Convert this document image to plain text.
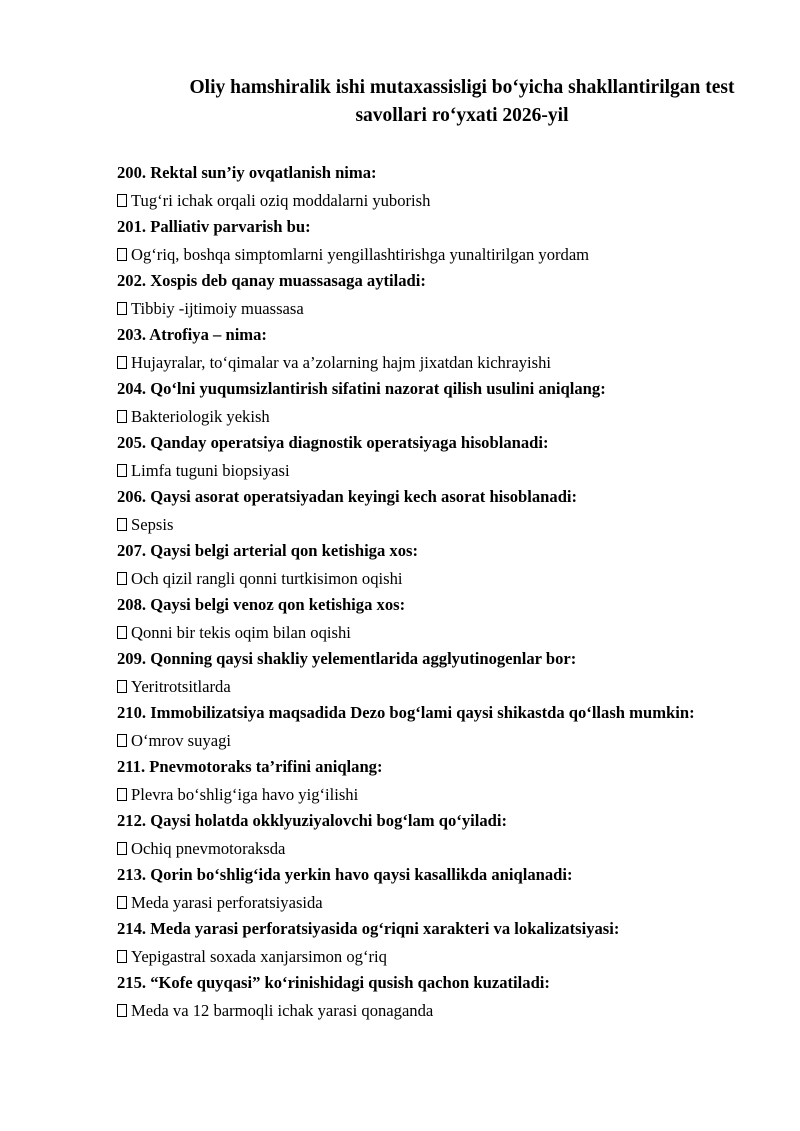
Oliy hamshiralik ishi mutaxassisligi bo‘yicha shakllantirilgan test
savollari ro‘yxati 2026-yil

200. Rektal sun’iy ovqatlanish nima:

Tug‘ri ichak orqali oziq moddalarni yuborish

201. Palliativ parvarish bu:

Og‘riq, boshqa simptomlarni yengillashtirishga yunaltirilgan yordam

202. Xospis deb qanay muassasaga aytiladi:

Tibbiy -ijtimoiy muassasa

203. Atrofiya – nima:

Hujayralar, to‘qimalar va a’zolarning hajm jixatdan kichrayishi

204. Qo‘lni yuqumsizlantirish sifatini nazorat qilish usulini aniqlang:

Bakteriologik yekish

205. Qanday operatsiya diagnostik operatsiyaga hisoblanadi:

Limfa tuguni biopsiyasi

206. Qaysi asorat operatsiyadan keyingi kech asorat hisoblanadi:

Sepsis

207. Qaysi belgi arterial qon ketishiga xos:

Och qizil rangli qonni turtkisimon oqishi

208. Qaysi belgi venoz qon ketishiga xos:

Qonni bir tekis oqim bilan oqishi

209. Qonning qaysi shakliy yelementlarida agglyutinogenlar bor:

Yeritrotsitlarda

210. Immobilizatsiya maqsadida Dezo bog‘lami qaysi shikastda qo‘llash mumkin:

O‘mrov suyagi

211. Pnevmotoraks ta’rifini aniqlang:

Plevra bo‘shlig‘iga havo yig‘ilishi

212. Qaysi holatda okklyuziyalovchi bog‘lam qo‘yiladi:

Ochiq pnevmotoraksda

213. Qorin bo‘shlig‘ida yerkin havo qaysi kasallikda aniqlanadi:

Meda yarasi perforatsiyasida

214. Meda yarasi perforatsiyasida og‘riqni xarakteri va lokalizatsiyasi:

Yepigastral soxada xanjarsimon og‘riq

215. “Kofe quyqasi” ko‘rinishidagi qusish qachon kuzatiladi:

Meda va 12 barmoqli ichak yarasi qonaganda
